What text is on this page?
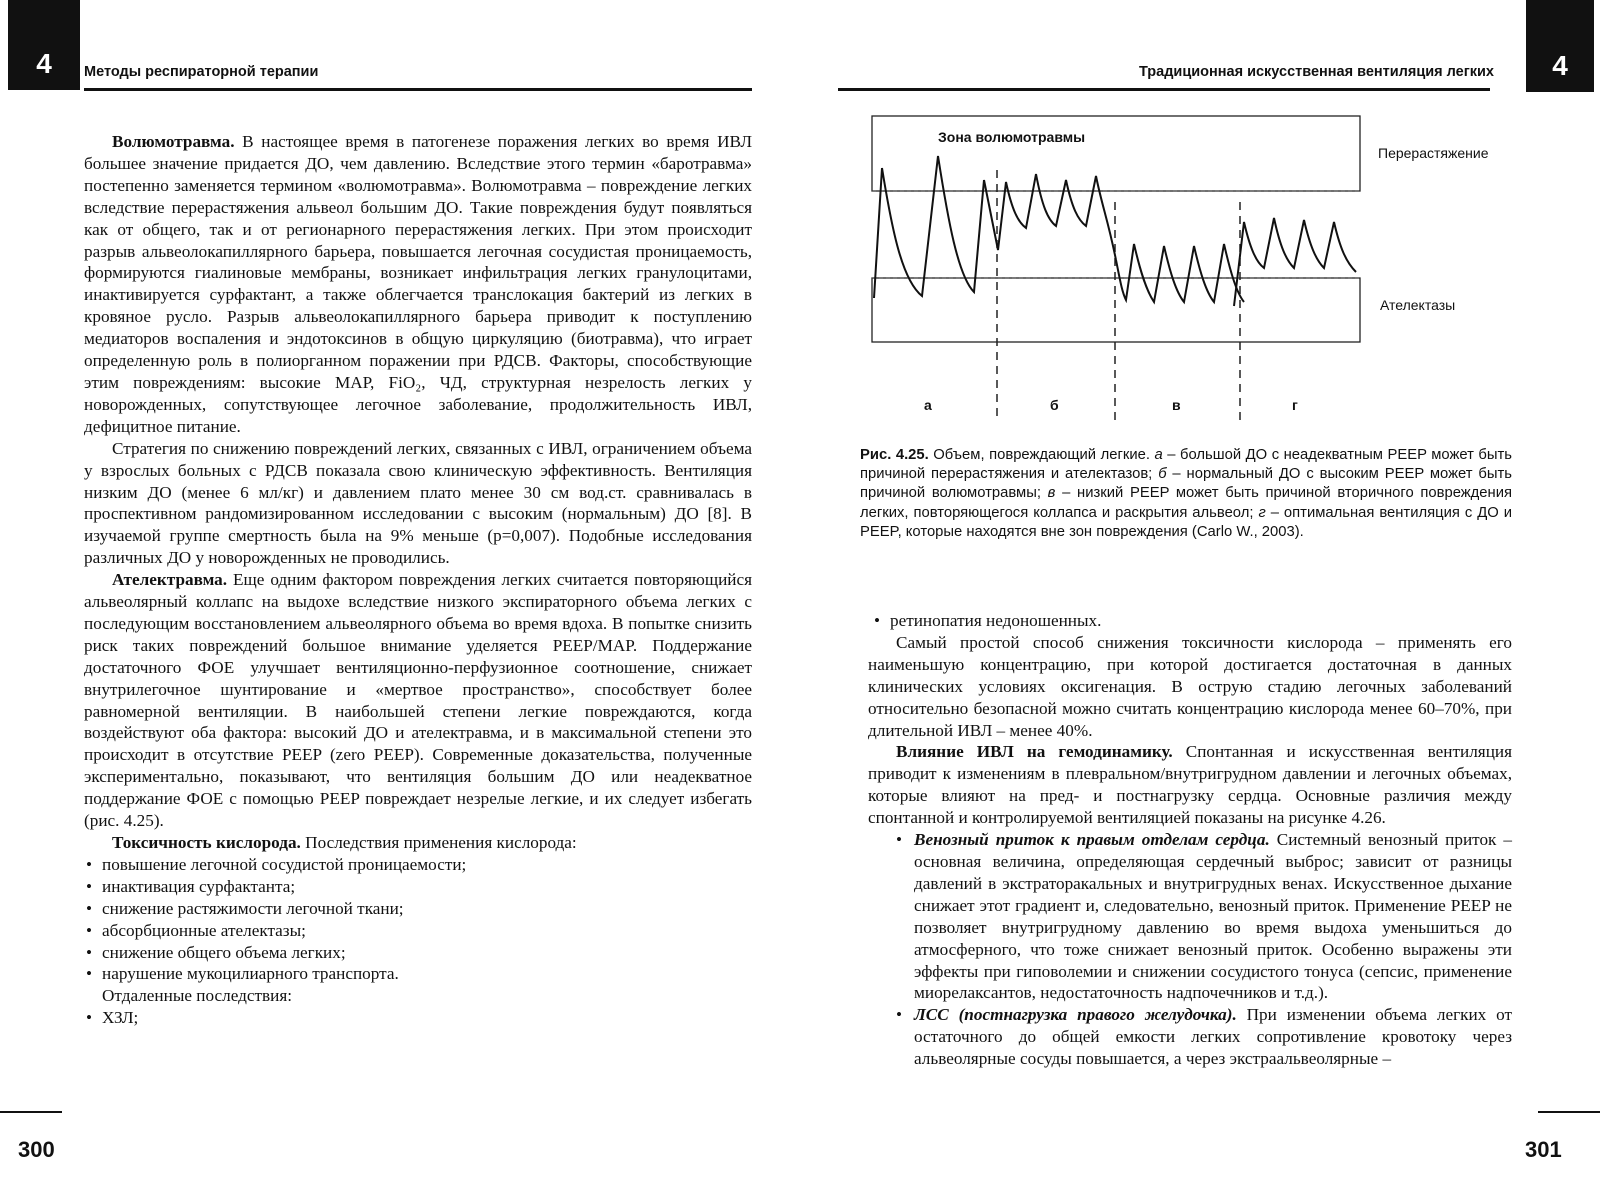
4 Методы респираторной терапии

Волюмотравма. В настоящее время в патогенезе поражения легких во время ИВЛ большее значение придается ДО, чем давлению. Вследствие этого термин «баротравма» постепенно заменяется термином «волюмотравма». Волюмотравма – повреждение легких вследствие перерастяжения альвеол большим ДО. Такие повреждения будут появляться как от общего, так и от регионарного перерастяжения легких. При этом происходит разрыв альвеолокапиллярного барьера, повышается легочная сосудистая проницаемость, формируются гиалиновые мембраны, возникает инфильтрация легких гранулоцитами, инактивируется сурфактант, а также облегчается транслокация бактерий из легких в кровяное русло. Разрыв альвеолокапиллярного барьера приводит к поступлению медиаторов воспаления и эндотоксинов в общую циркуляцию (биотравма), что играет определенную роль в полиорганном поражении при РДСВ. Факторы, способствующие этим повреждениям: высокие МАР, FiO₂, ЧД, структурная незрелость легких у новорожденных, сопутствующее легочное заболевание, продолжительность ИВЛ, дефицитное питание.

Стратегия по снижению повреждений легких, связанных с ИВЛ, ограничением объема у взрослых больных с РДСВ показала свою клиническую эффективность. Вентиляция низким ДО (менее 6 мл/кг) и давлением плато менее 30 см вод.ст. сравнивалась в проспективном рандомизированном исследовании с высоким (нормальным) ДО [8]. В изучаемой группе смертность была на 9% меньше (p=0,007). Подобные исследования различных ДО у новорожденных не проводились.

Ателектравма. Еще одним фактором повреждения легких считается повторяющийся альвеолярный коллапс на выдохе вследствие низкого экспираторного объема легких с последующим восстановлением альвеолярного объема во время вдоха. В попытке снизить риск таких повреждений большое внимание уделяется PEEP/MAP. Поддержание достаточного ФОЕ улучшает вентиляционно-перфузионное соотношение, снижает внутрилегочное шунтирование и «мертвое пространство», способствует более равномерной вентиляции. В наибольшей степени легкие повреждаются, когда воздействуют оба фактора: высокий ДО и ателектравма, и в максимальной степени это происходит в отсутствие PEEP (zero PEEP). Современные доказательства, полученные экспериментально, показывают, что вентиляция большим ДО или неадекватное поддержание ФОЕ с помощью PEEP повреждает незрелые легкие, и их следует избегать (рис. 4.25).

Токсичность кислорода. Последствия применения кислорода:

• повышение легочной сосудистой проницаемости;
• инактивация сурфактанта;
• снижение растяжимости легочной ткани;
• абсорбционные ателектазы;
• снижение общего объема легких;
• нарушение мукоцилиарного транспорта.

Отдаленные последствия:

• ХЗЛ;
300
Традиционная искусственная вентиляция легких 4
Зона волюмотравмы
Перерастяжение
Ателектазы
а	б	в	г
Рис. 4.25. Объем, повреждающий легкие. а – большой ДО с неадекватным PEEP может быть причиной перерастяжения и ателектазов; б – нормальный ДО с высоким PEEP может быть причиной волюмотравмы; в – низкий PEEP может быть причиной вторичного повреждения легких, повторяющегося коллапса и раскрытия альвеол; г – оптимальная вентиляция с ДО и PEEP, которые находятся вне зон повреждения (Carlo W., 2003).
• ретинопатия недоношенных.

Самый простой способ снижения токсичности кислорода – применять его наименьшую концентрацию, при которой достигается достаточная в данных клинических условиях оксигенация. В острую стадию легочных заболеваний относительно безопасной можно считать концентрацию кислорода менее 60–70%, при длительной ИВЛ – менее 40%.

Влияние ИВЛ на гемодинамику. Спонтанная и искусственная вентиляция приводит к изменениям в плевральном/внутригрудном давлении и легочных объемах, которые влияют на пред- и постнагрузку сердца. Основные различия между спонтанной и контролируемой вентиляцией показаны на рисунке 4.26.

• Венозный приток к правым отделам сердца. Системный венозный приток – основная величина, определяющая сердечный выброс; зависит от разницы давлений в экстраторакальных и внутригрудных венах. Искусственное дыхание снижает этот градиент и, следовательно, венозный приток. Применение PEEP не позволяет внутригрудному давлению во время выдоха уменьшиться до атмосферного, что тоже снижает венозный приток. Особенно выражены эти эффекты при гиповолемии и снижении сосудистого тонуса (сепсис, применение миорелаксантов, недостаточность надпочечников и т.д.).
• ЛСС (постнагрузка правого желудочка). При изменении объема легких от остаточного до общей емкости легких сопротивление кровотоку через альвеолярные сосуды повышается, а через экстраальвеолярные –
301
